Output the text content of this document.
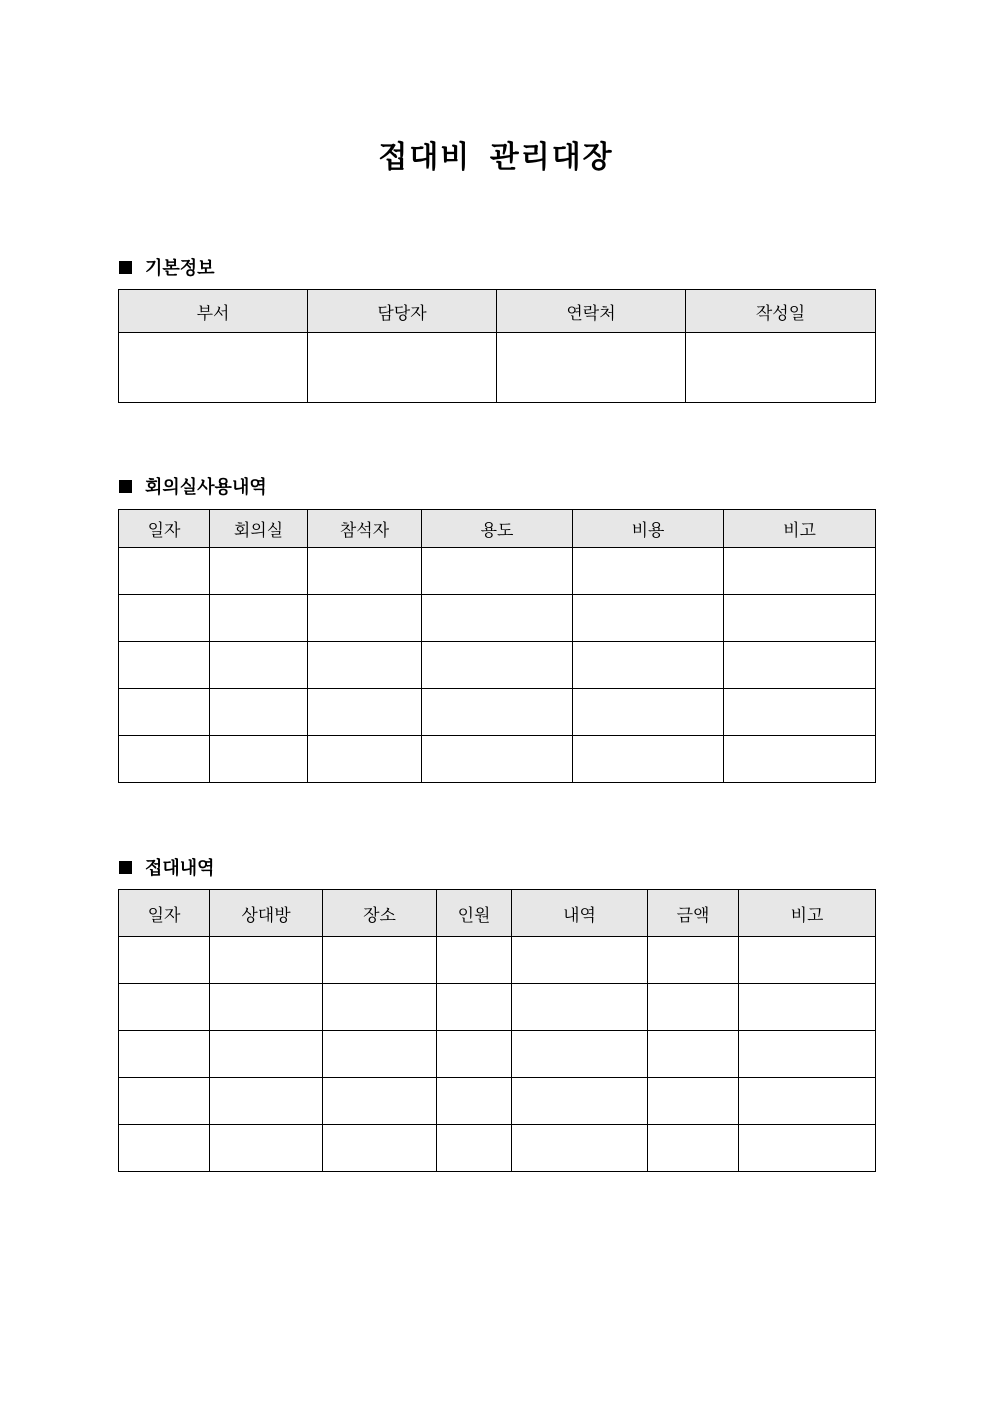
접대비 관리대장
기본정보
부서	담당자	연락처	작성일

회의실사용내역
일자	회의실	참석자	용도	비용	비고

접대내역
일자	상대방	장소	인원	내역	금액	비고
